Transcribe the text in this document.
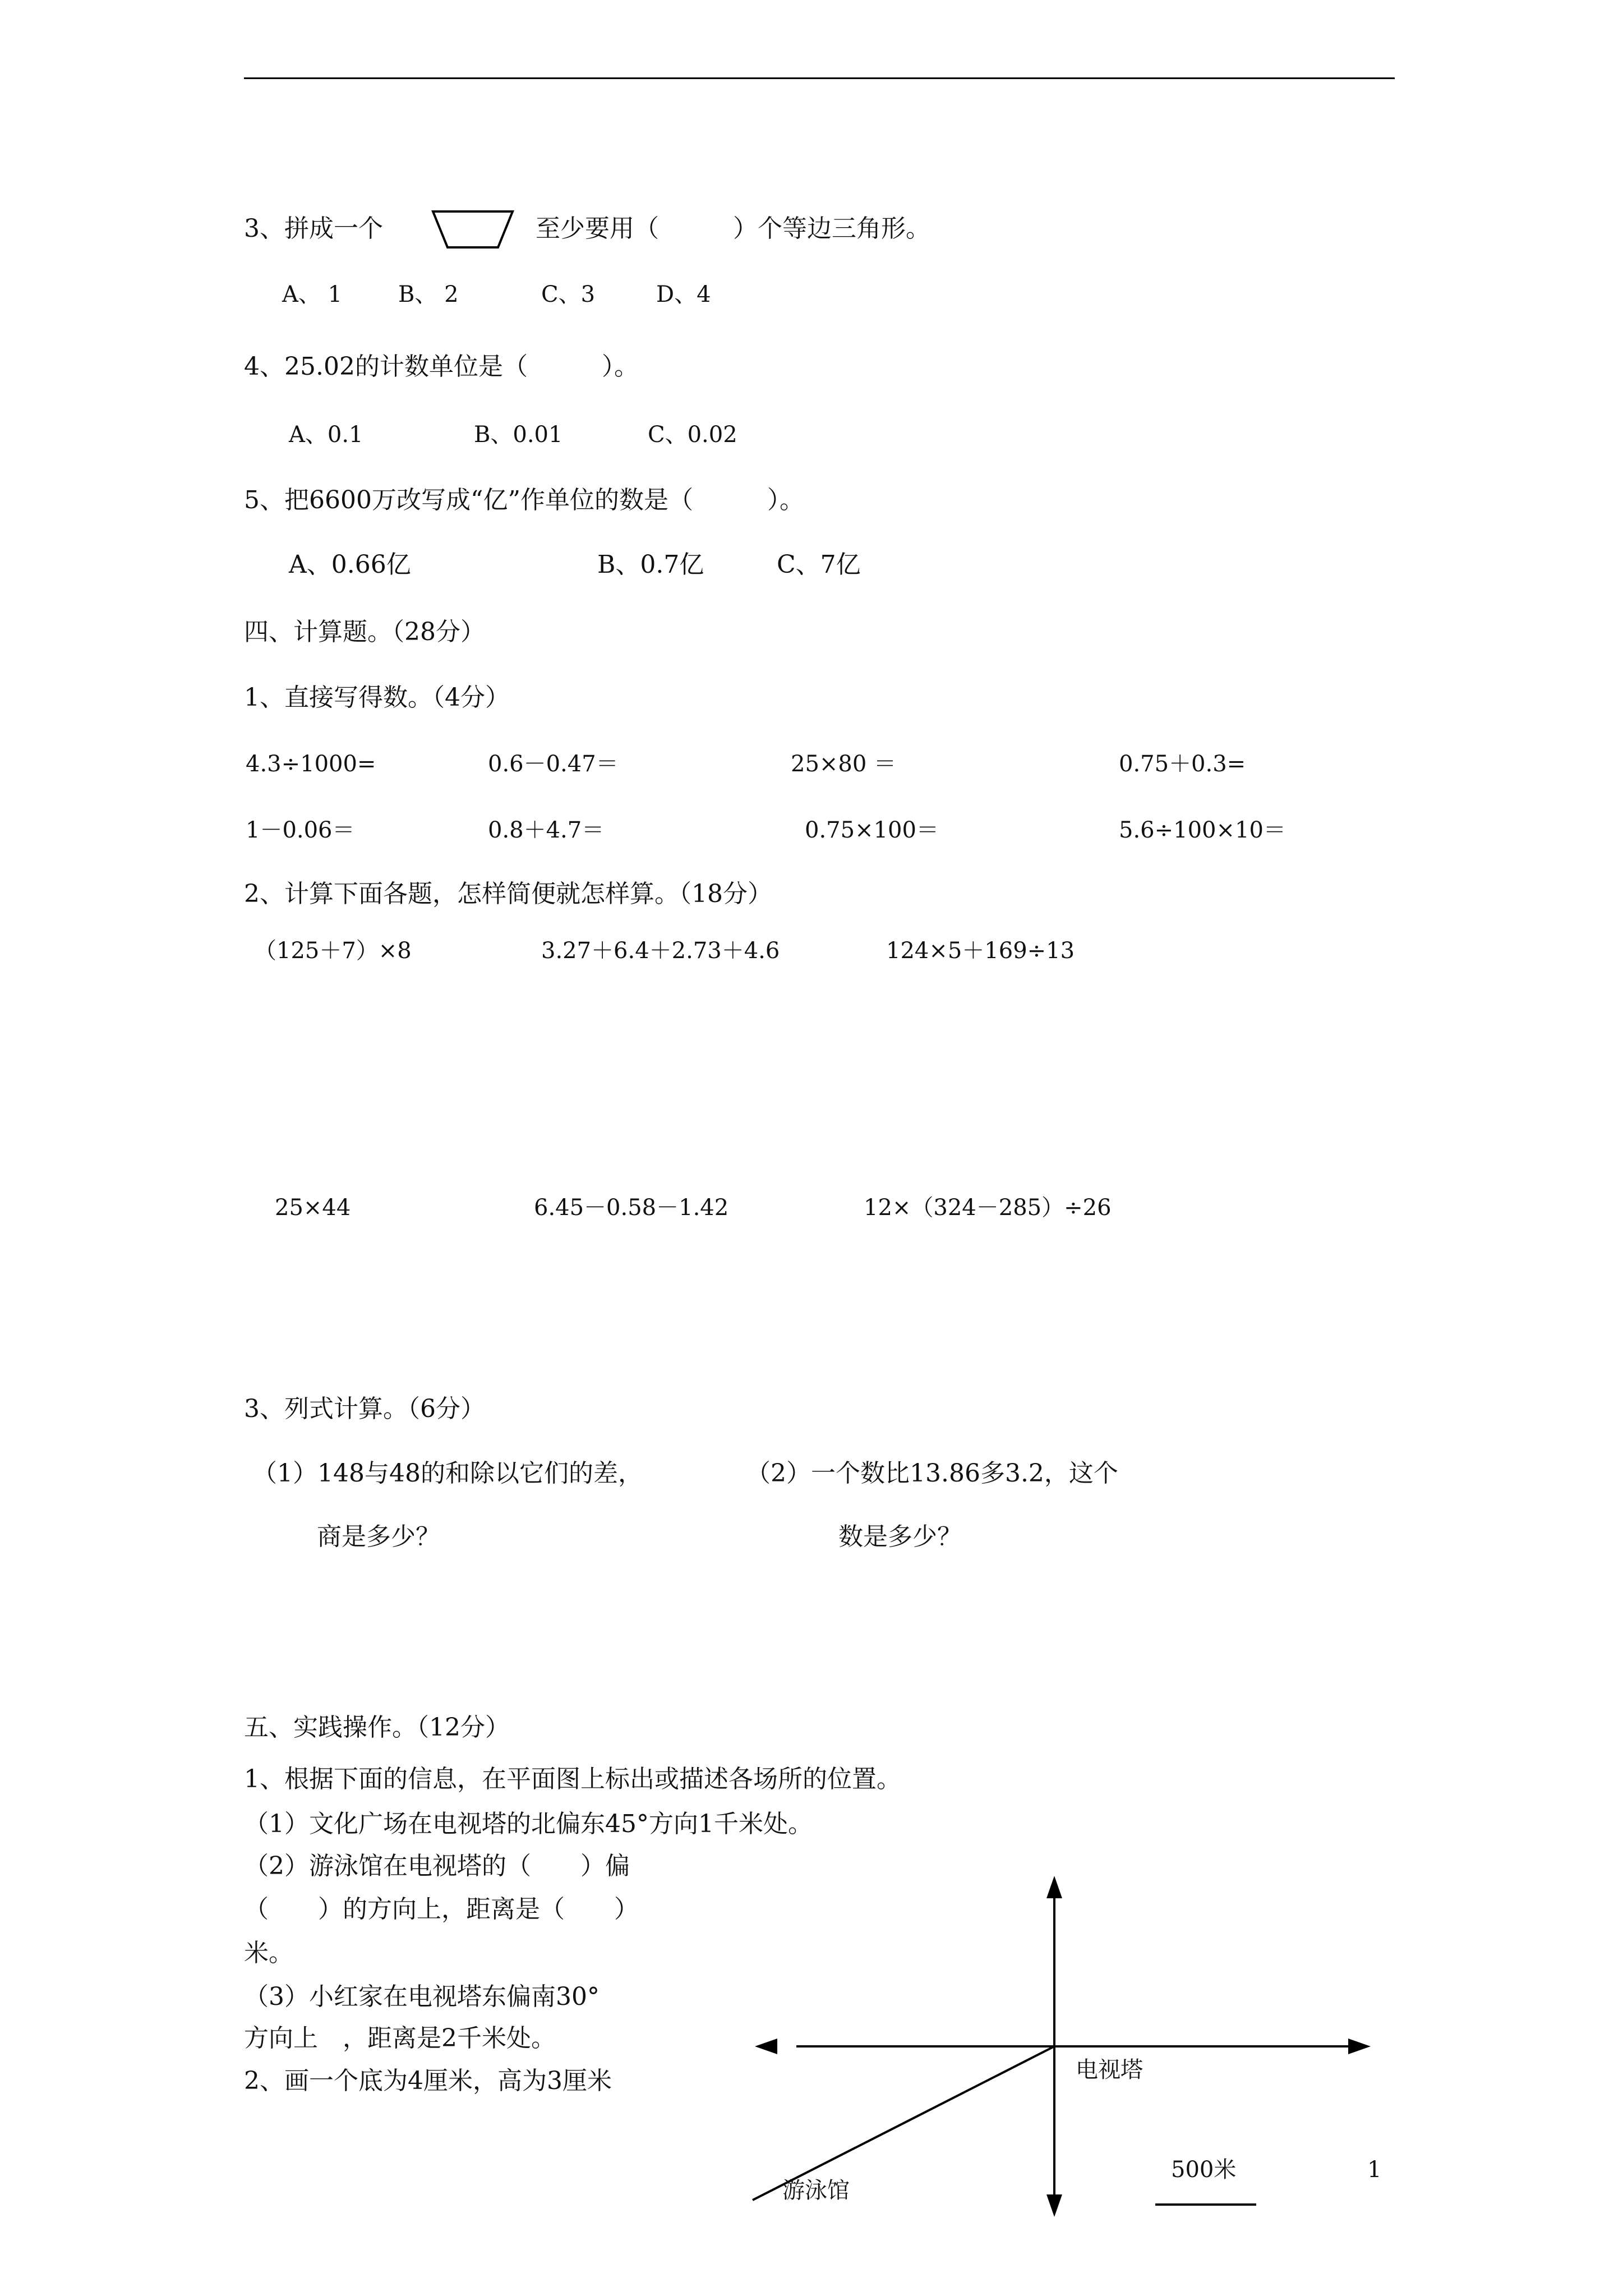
3、拼成一个	至少要用（　　　）个等边三角形。
A、 1 B、 2	C、3	D、4
4、25.02的计数单位是（　　　）。
A、0.1	B、0.01	C、0.02
5、把6600万改写成“亿”作单位的数是（　　　）。
A、0.66亿	B、0.7亿	C、7亿
四、计算题。（28分）
1、直接写得数。（4分）
4.3÷1000=	0.6－0.47＝	25×80 ＝	0.75＋0.3=
1－0.06＝	0.8＋4.7＝	0.75×100＝	5.6÷100×10＝
2、计算下面各题，怎样简便就怎样算。（18分）
（125＋7）×8	3.27＋6.4＋2.73＋4.6	124×5＋169÷13
25×44	6.45－0.58－1.42	12×（324－285）÷26
3、列式计算。（6分）
（1）148与48的和除以它们的差，
商是多少？
（2）一个数比13.86多3.2，这个
数是多少？
五、实践操作。（12分）
1、根据下面的信息，在平面图上标出或描述各场所的位置。
（1）文化广场在电视塔的北偏东45°方向1千米处。
（2）游泳馆在电视塔的（　　）偏
（　　）的方向上，距离是（　　）
米。
（3）小红家在电视塔东偏南30°
方向上　，距离是2千米处。
2、画一个底为4厘米，高为3厘米	电视塔
游泳馆
500米	1
